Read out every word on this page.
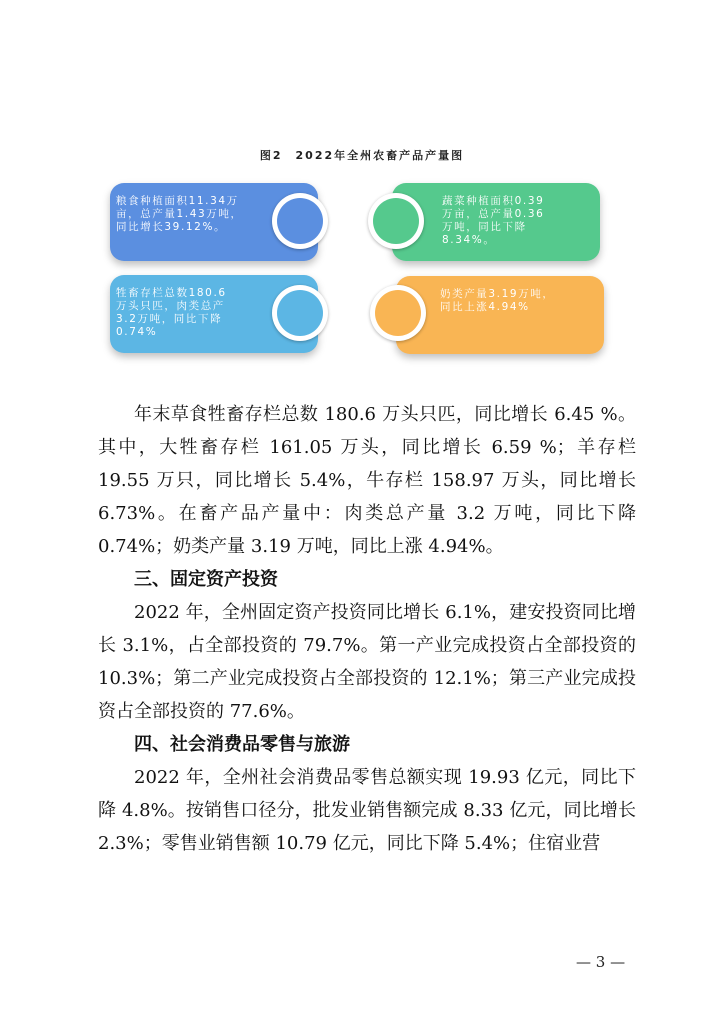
图2　2022年全州农畜产品产量图
粮食种植面积11.34万
亩，总产量1.43万吨，
同比增长39.12%。
蔬菜种植面积0.39
万亩，总产量0.36
万吨，同比下降
8.34%。
牲畜存栏总数180.6
万头只匹，肉类总产
3.2万吨，同比下降
0.74%
奶类产量3.19万吨，
同比上涨4.94%

年末草食牲畜存栏总数 180.6 万头只匹，同比增长 6.45 %。其中，大牲畜存栏 161.05 万头，同比增长 6.59 %；羊存栏 19.55 万只，同比增长 5.4%，牛存栏 158.97 万头，同比增长 6.73%。在畜产品产量中：肉类总产量 3.2 万吨，同比下降 0.74%；奶类产量 3.19 万吨，同比上涨 4.94%。

三、固定资产投资

2022 年，全州固定资产投资同比增长 6.1%，建安投资同比增长 3.1%，占全部投资的 79.7%。第一产业完成投资占全部投资的 10.3%；第二产业完成投资占全部投资的 12.1%；第三产业完成投资占全部投资的 77.6%。

四、社会消费品零售与旅游

2022 年，全州社会消费品零售总额实现 19.93 亿元，同比下降 4.8%。按销售口径分，批发业销售额完成 8.33 亿元，同比增长 2.3%；零售业销售额 10.79 亿元，同比下降 5.4%；住宿业营

— 3 —
